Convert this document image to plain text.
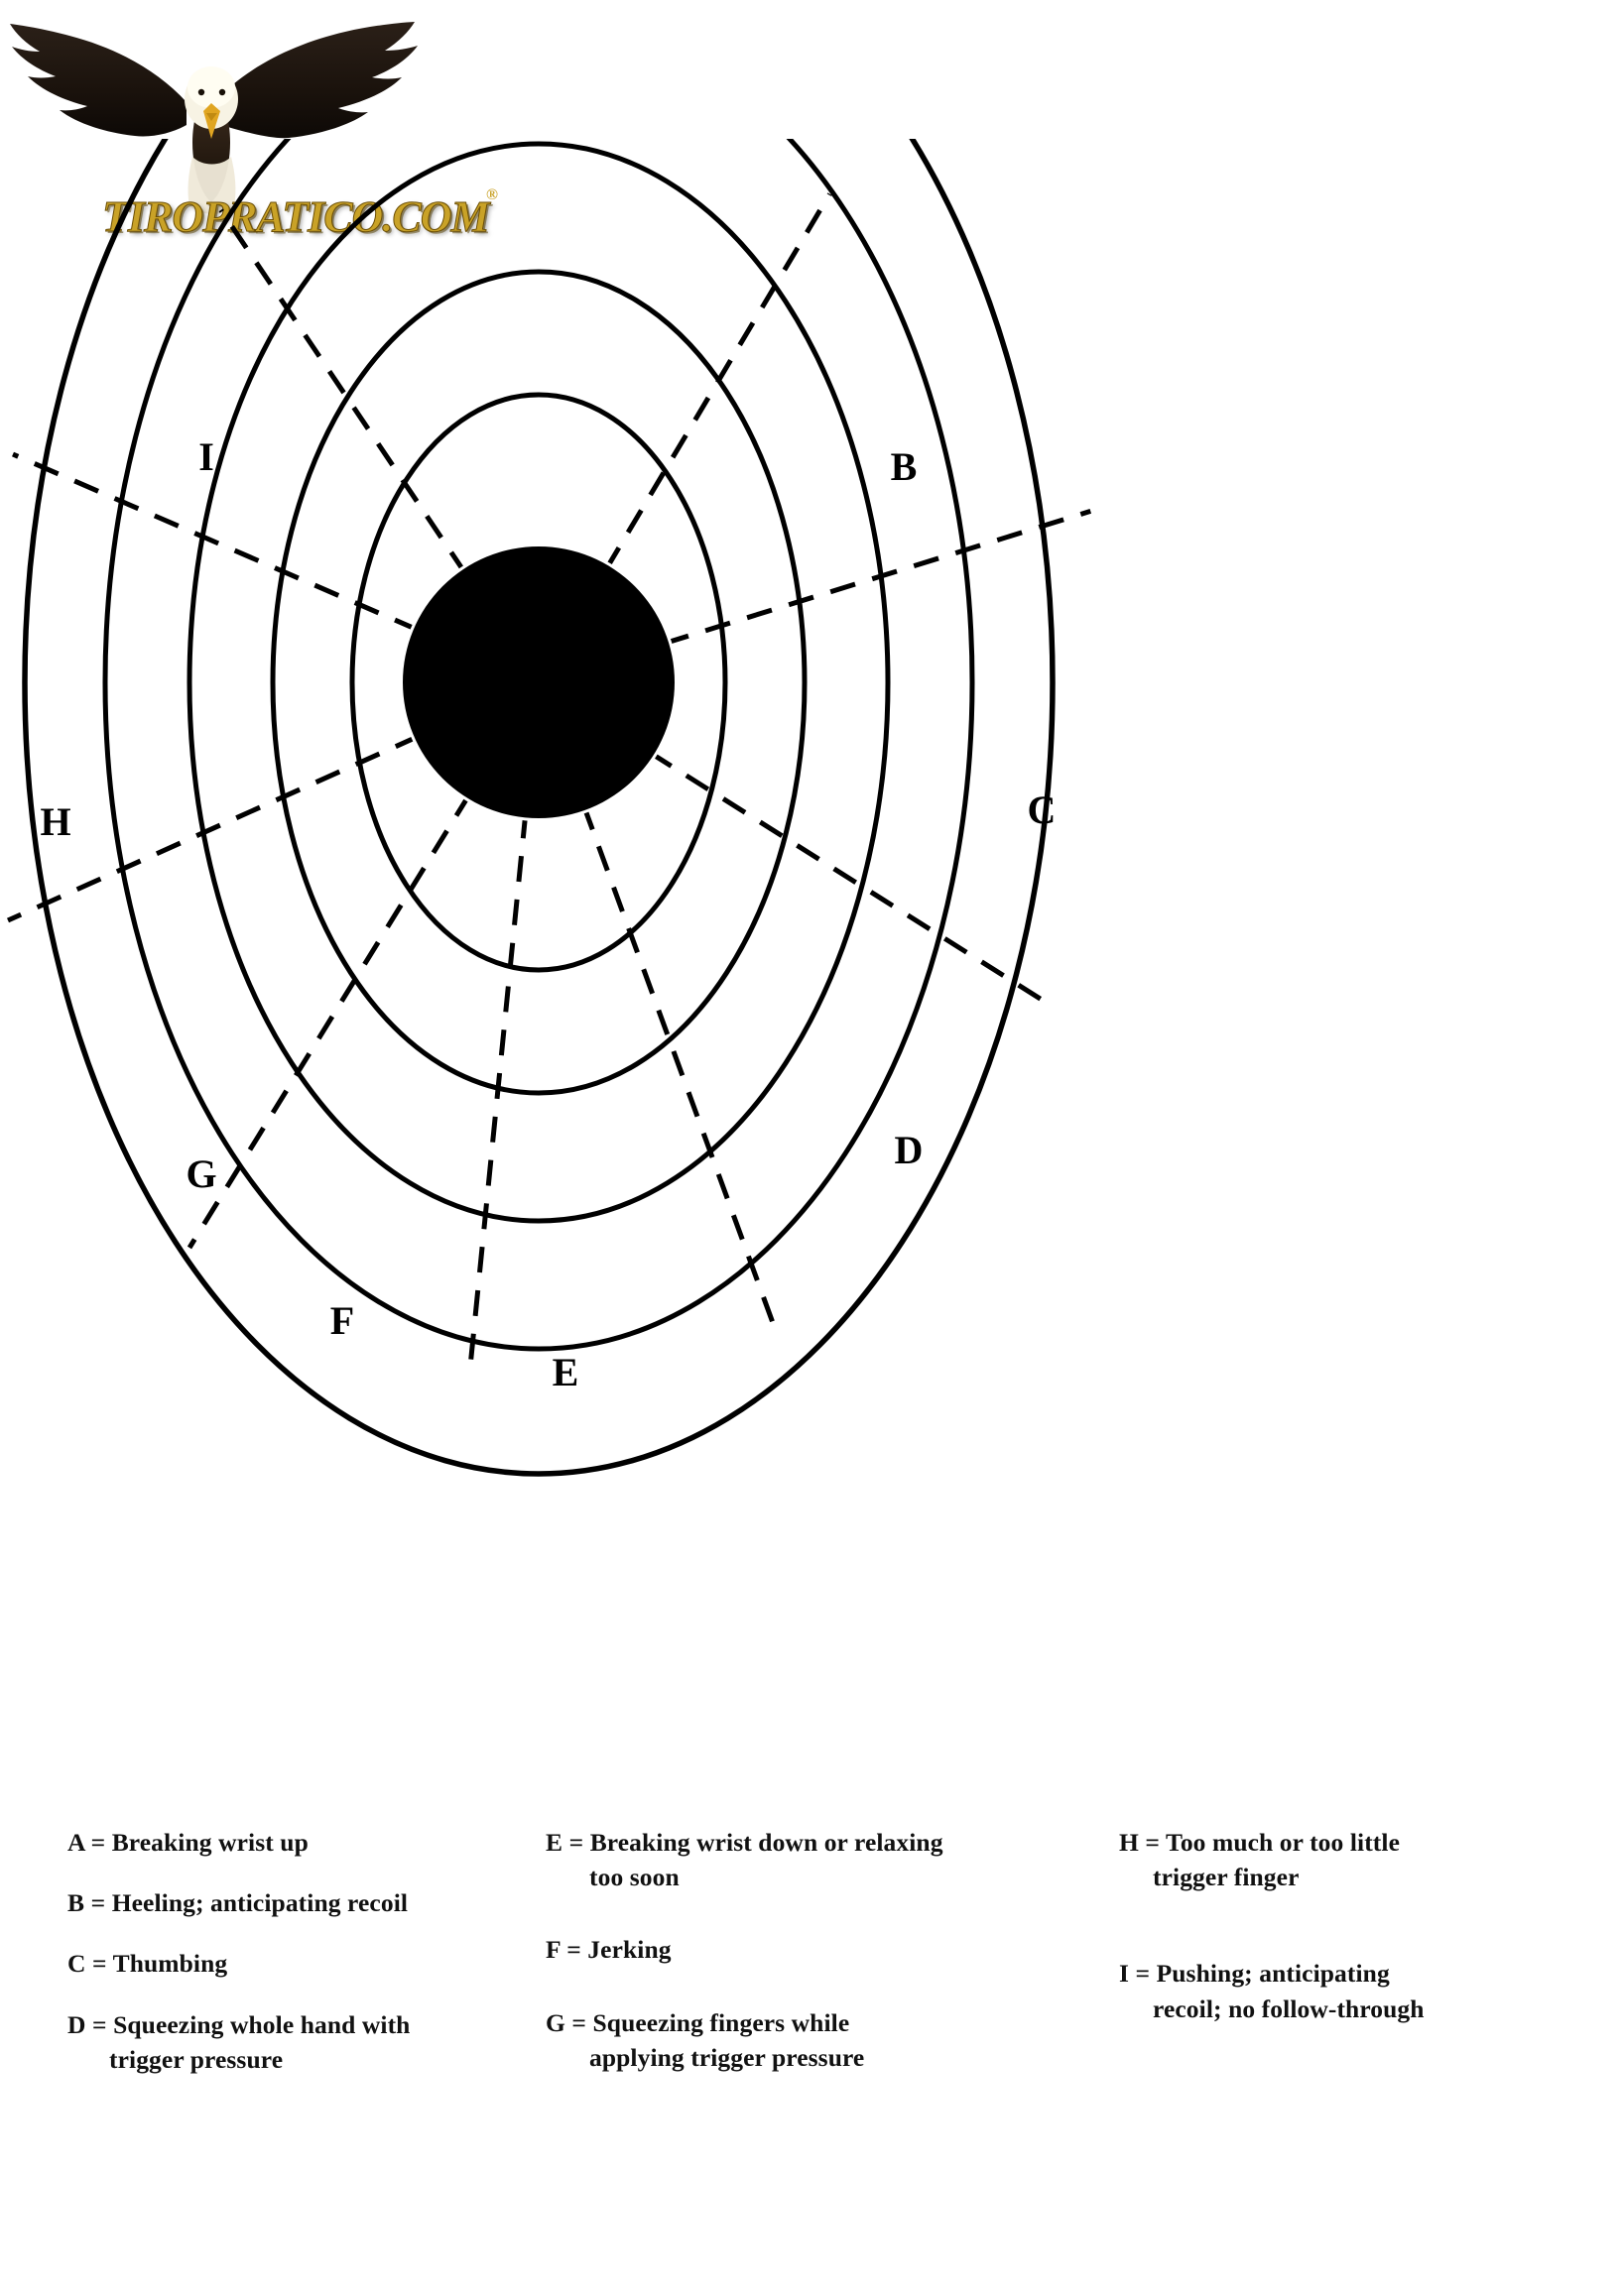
TIROPRATICO.COM
®
B
C
D
E
F
G
H
I
A = Breaking wrist up
B = Heeling; anticipating recoil
C = Thumbing
D = Squeezing whole hand with
trigger pressure
E = Breaking wrist down or relaxing
too soon
F = Jerking
G = Squeezing fingers while
applying trigger pressure
H = Too much or too little
trigger finger
I = Pushing; anticipating
recoil; no follow-through
